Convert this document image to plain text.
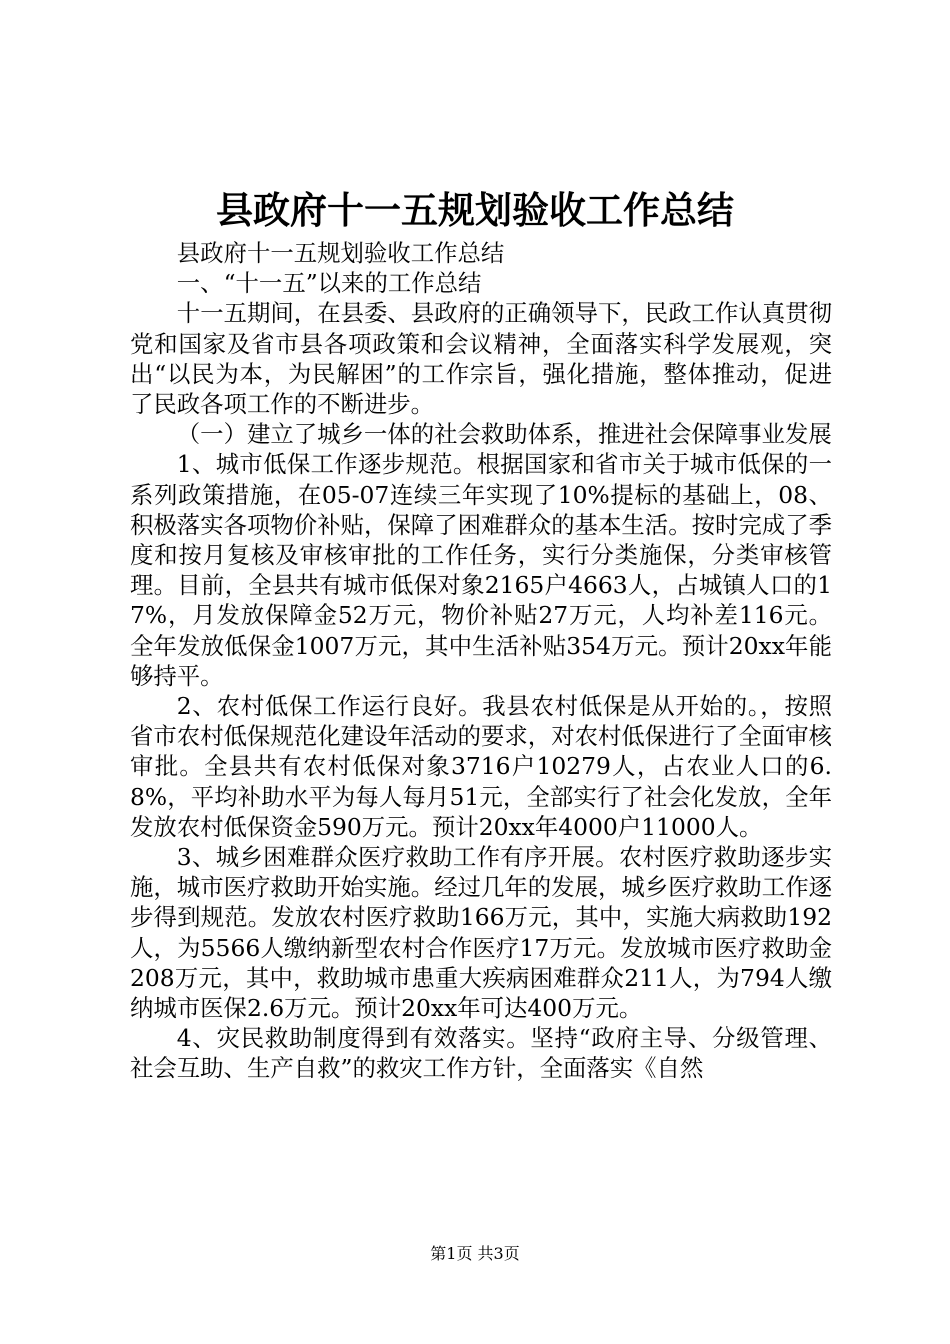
县政府十一五规划验收工作总结

县政府十一五规划验收工作总结

一、“十一五”以来的工作总结

十一五期间，在县委、县政府的正确领导下，民政工作认真贯彻党和国家及省市县各项政策和会议精神，全面落实科学发展观，突出“以民为本，为民解困”的工作宗旨，强化措施，整体推动，促进了民政各项工作的不断进步。

（一）建立了城乡一体的社会救助体系，推进社会保障事业发展

1、城市低保工作逐步规范。根据国家和省市关于城市低保的一系列政策措施，在05-07连续三年实现了10%提标的基础上，08、积极落实各项物价补贴，保障了困难群众的基本生活。按时完成了季度和按月复核及审核审批的工作任务，实行分类施保，分类审核管理。目前，全县共有城市低保对象2165户4663人，占城镇人口的17%，月发放保障金52万元，物价补贴27万元，人均补差116元。全年发放低保金1007万元，其中生活补贴354万元。预计20xx年能够持平。

2、农村低保工作运行良好。我县农村低保是从开始的。，按照省市农村低保规范化建设年活动的要求，对农村低保进行了全面审核审批。全县共有农村低保对象3716户10279人，占农业人口的6.8%，平均补助水平为每人每月51元，全部实行了社会化发放，全年发放农村低保资金590万元。预计20xx年4000户11000人。

3、城乡困难群众医疗救助工作有序开展。农村医疗救助逐步实施，城市医疗救助开始实施。经过几年的发展，城乡医疗救助工作逐步得到规范。发放农村医疗救助166万元，其中，实施大病救助192人，为5566人缴纳新型农村合作医疗17万元。发放城市医疗救助金208万元，其中，救助城市患重大疾病困难群众211人，为794人缴纳城市医保2.6万元。预计20xx年可达400万元。

4、灾民救助制度得到有效落实。坚持“政府主导、分级管理、社会互助、生产自救”的救灾工作方针，全面落实《自然

第1页 共3页
